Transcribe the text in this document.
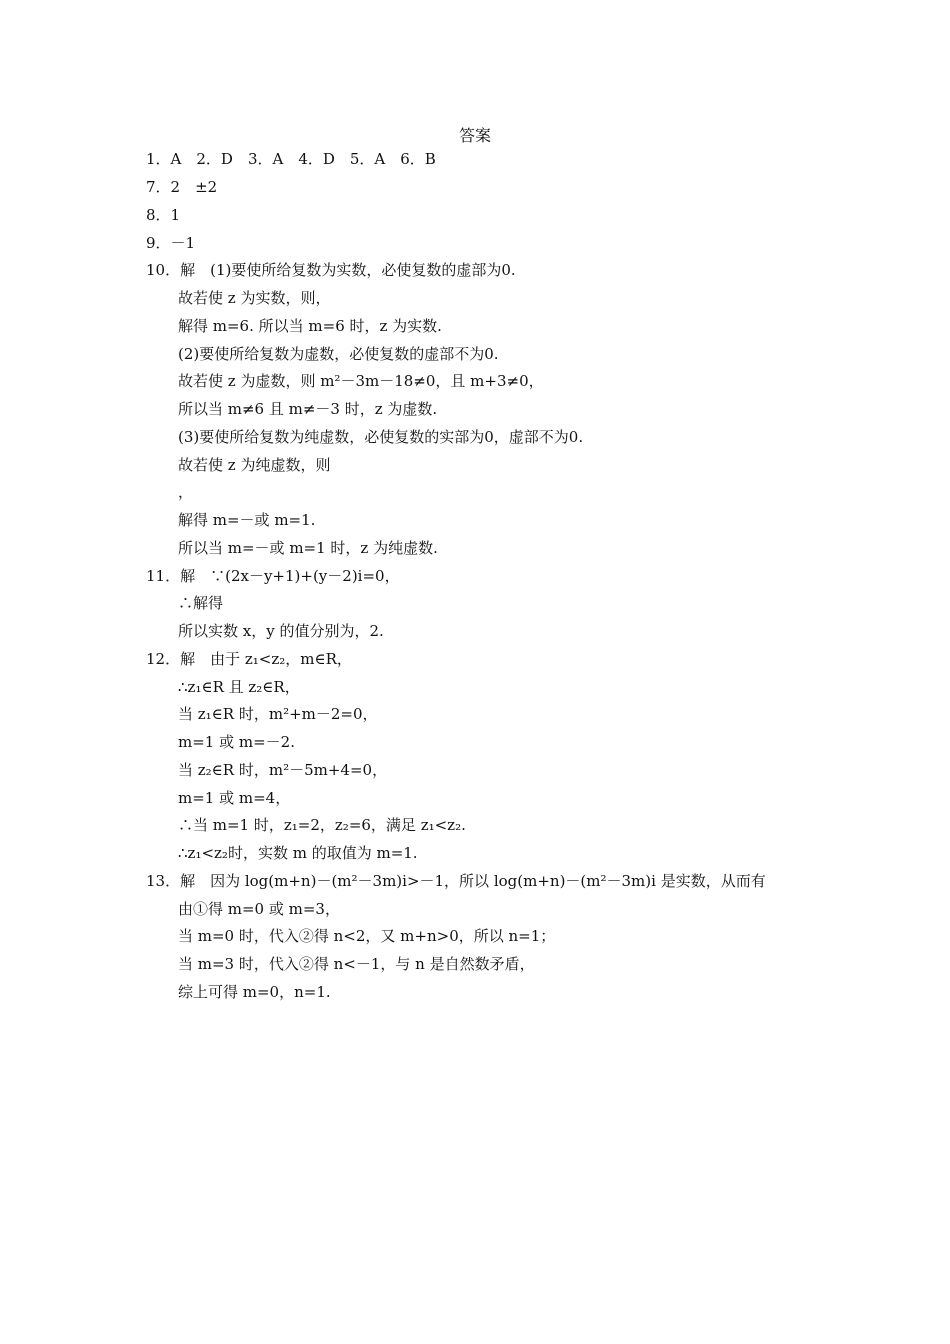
答案
1．A　2．D　3．A　4．D　5．A　6．B
7．2　±2
8．1
9．－1
10．解　(1)要使所给复数为实数，必使复数的虚部为0.
故若使 z 为实数，则，
解得 m=6. 所以当 m=6 时，z 为实数.
(2)要使所给复数为虚数，必使复数的虚部不为0.
故若使 z 为虚数，则 m²－3m－18≠0，且 m+3≠0，
所以当 m≠6 且 m≠－3 时，z 为虚数.
(3)要使所给复数为纯虚数，必使复数的实部为0，虚部不为0.
故若使 z 为纯虚数，则
，
解得 m=－或 m=1.
所以当 m=－或 m=1 时，z 为纯虚数.
11．解　∵(2x－y+1)+(y－2)i=0，
∴解得
所以实数 x，y 的值分别为，2.
12．解　由于 z₁<z₂，m∈R，
∴z₁∈R 且 z₂∈R，
当 z₁∈R 时，m²+m－2=0，
m=1 或 m=－2.
当 z₂∈R 时，m²－5m+4=0，
m=1 或 m=4，
∴当 m=1 时，z₁=2，z₂=6，满足 z₁<z₂.
∴z₁<z₂时，实数 m 的取值为 m=1.
13．解　因为 log(m+n)－(m²－3m)i>－1，所以 log(m+n)－(m²－3m)i 是实数，从而有
由①得 m=0 或 m=3，
当 m=0 时，代入②得 n<2，又 m+n>0，所以 n=1；
当 m=3 时，代入②得 n<－1，与 n 是自然数矛盾，
综上可得 m=0，n=1.
